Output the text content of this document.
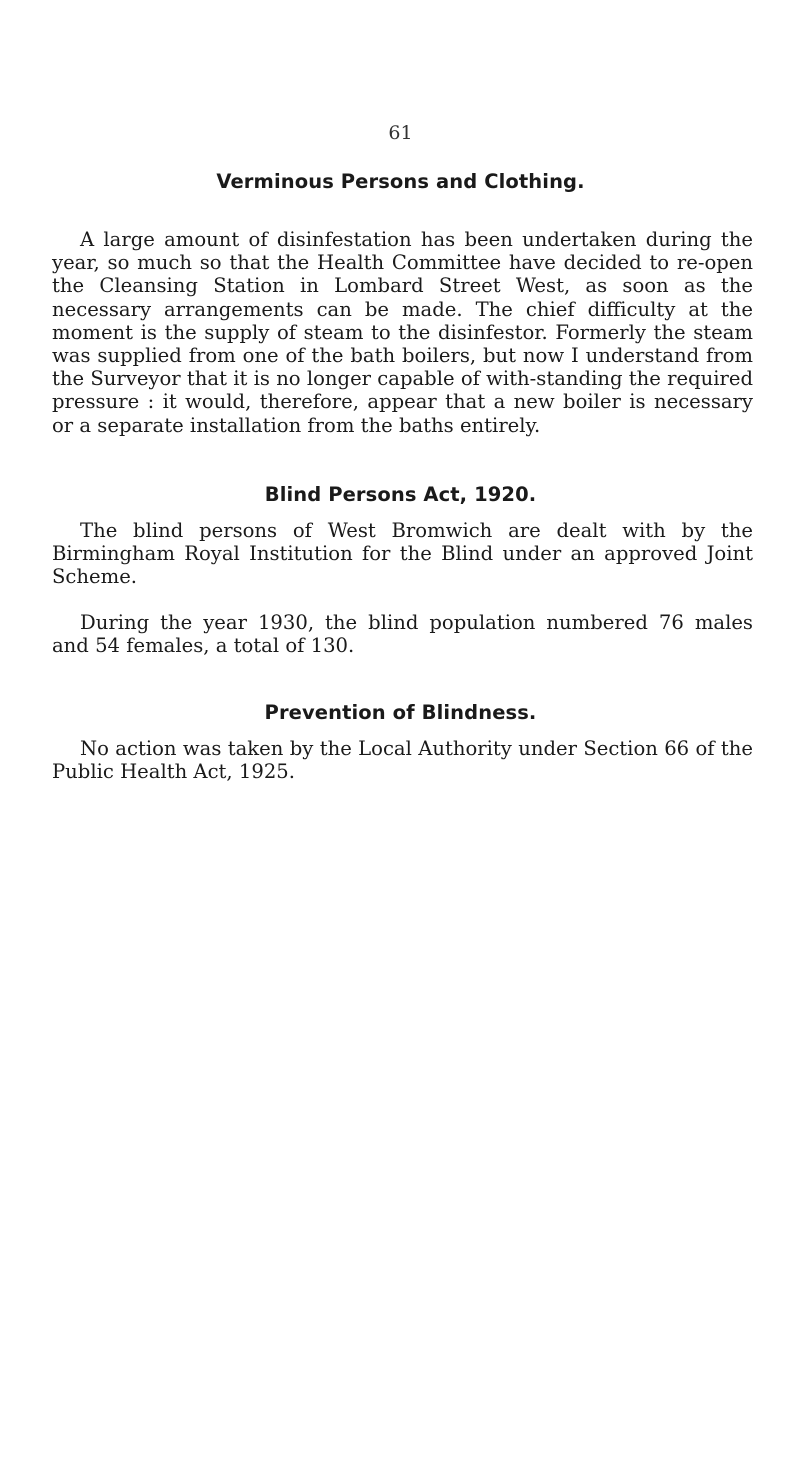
61
Verminous Persons and Clothing.

A large amount of disinfestation has been undertaken during the year, so much so that the Health Committee have decided to re-open the Cleansing Station in Lombard Street West, as soon as the necessary arrangements can be made. The chief difficulty at the moment is the supply of steam to the disinfestor. Formerly the steam was supplied from one of the bath boilers, but now I understand from the Surveyor that it is no longer capable of with-standing the required pressure : it would, therefore, appear that a new boiler is necessary or a separate installation from the baths entirely.

Blind Persons Act, 1920.

The blind persons of West Bromwich are dealt with by the Birmingham Royal Institution for the Blind under an approved Joint Scheme.

During the year 1930, the blind population numbered 76 males and 54 females, a total of 130.

Prevention of Blindness.

No action was taken by the Local Authority under Section 66 of the Public Health Act, 1925.
